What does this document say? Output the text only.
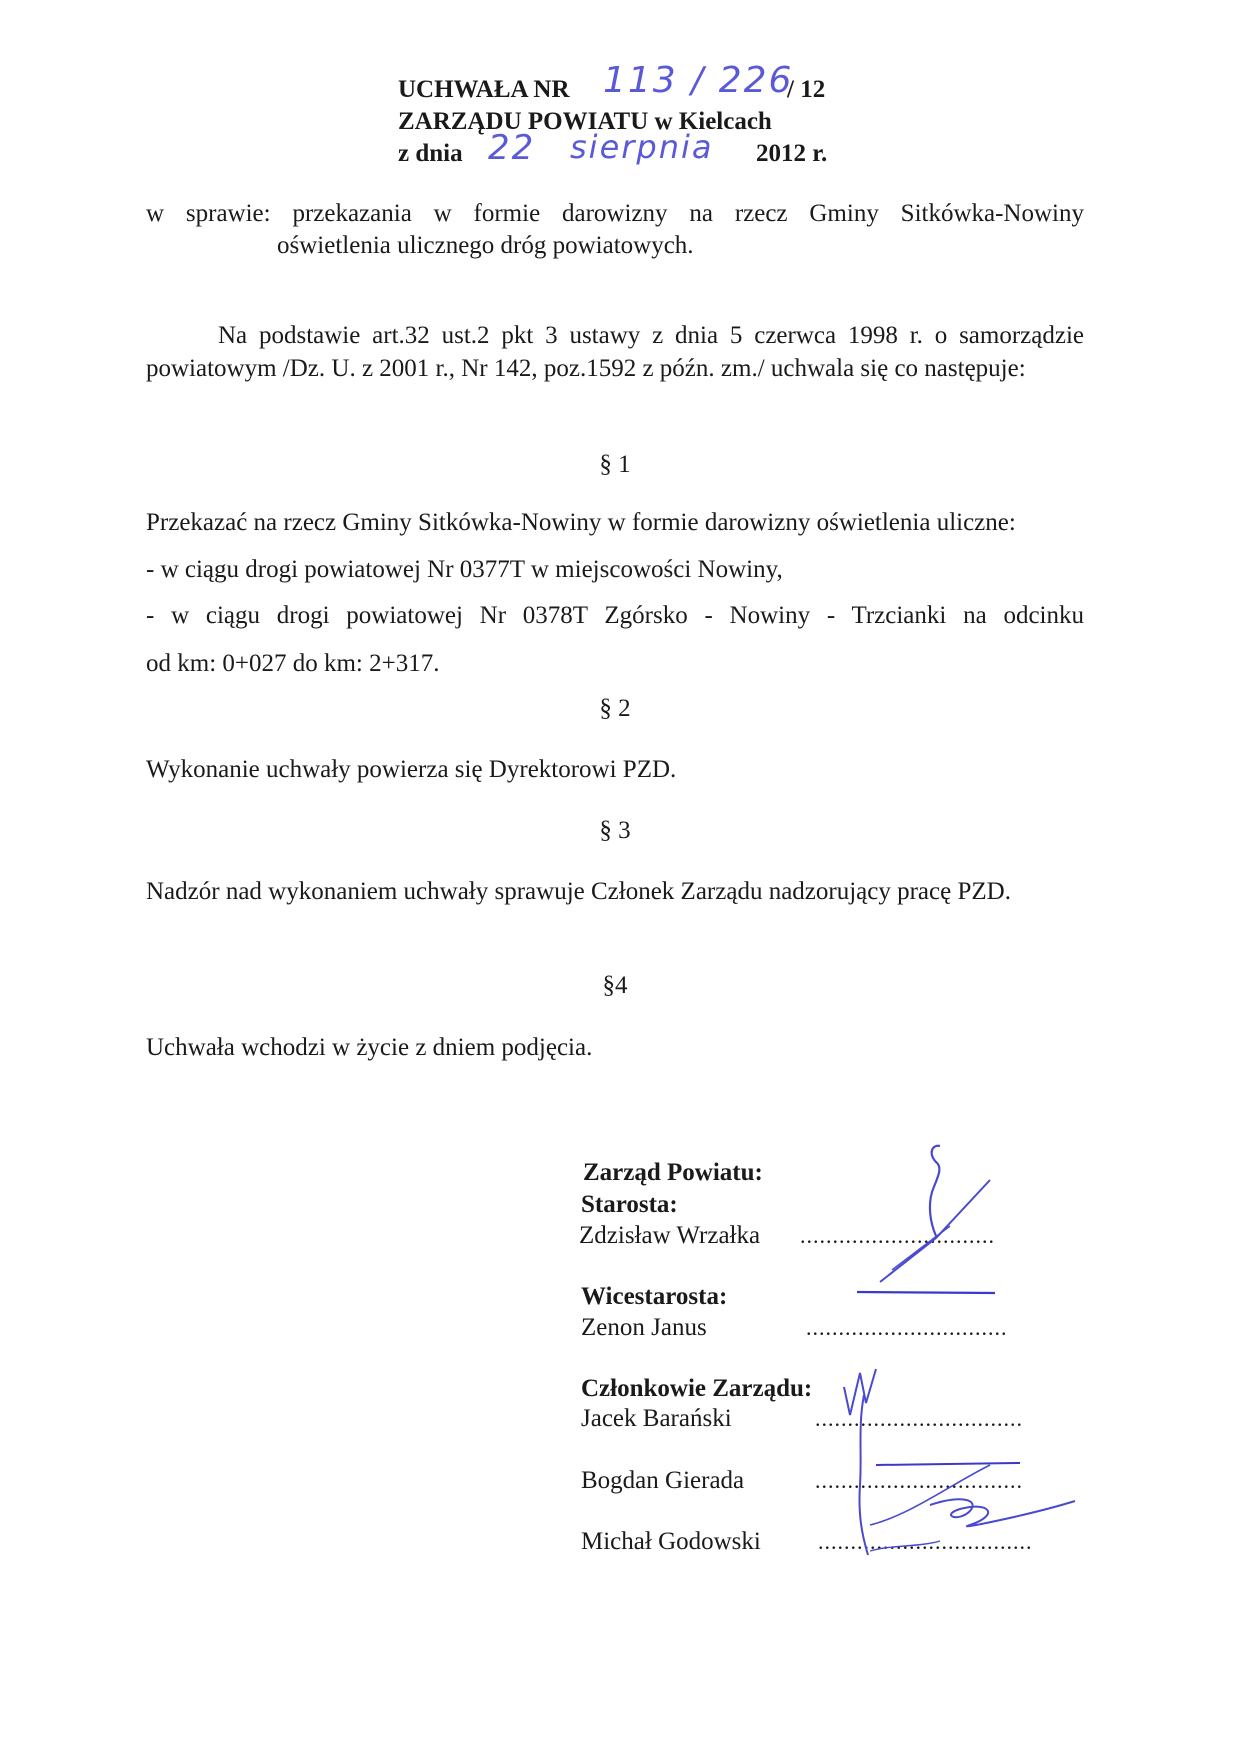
UCHWAŁA NR 113 / 226
/ 12
ZARZĄDU POWIATU w Kielcach
z dnia 22 sierpnia 2012 r.
w sprawie: przekazania w formie darowizny na rzecz Gminy Sitkówka-Nowiny
oświetlenia ulicznego dróg powiatowych.
Na podstawie art.32 ust.2 pkt 3 ustawy z dnia 5 czerwca 1998 r. o samorządzie powiatowym /Dz. U. z 2001 r., Nr 142, poz.1592 z późn. zm./ uchwala się co następuje:
§ 1
Przekazać na rzecz Gminy Sitkówka-Nowiny w formie darowizny oświetlenia uliczne:
- w ciągu drogi powiatowej Nr 0377T w miejscowości Nowiny,
- w ciągu drogi powiatowej Nr 0378T Zgórsko - Nowiny - Trzcianki na odcinku
od km: 0+027 do km: 2+317.
§ 2
Wykonanie uchwały powierza się Dyrektorowi PZD.
§ 3
Nadzór nad wykonaniem uchwały sprawuje Członek Zarządu nadzorujący pracę PZD.
§4
Uchwała wchodzi w życie z dniem podjęcia.
Zarząd Powiatu:
Starosta:
Zdzisław Wrzałka ..............................
Wicestarosta:
Zenon Janus	...............................
Członkowie Zarządu:
Jacek Barański	................................
Bogdan Gierada	................................
Michał Godowski	.................................
